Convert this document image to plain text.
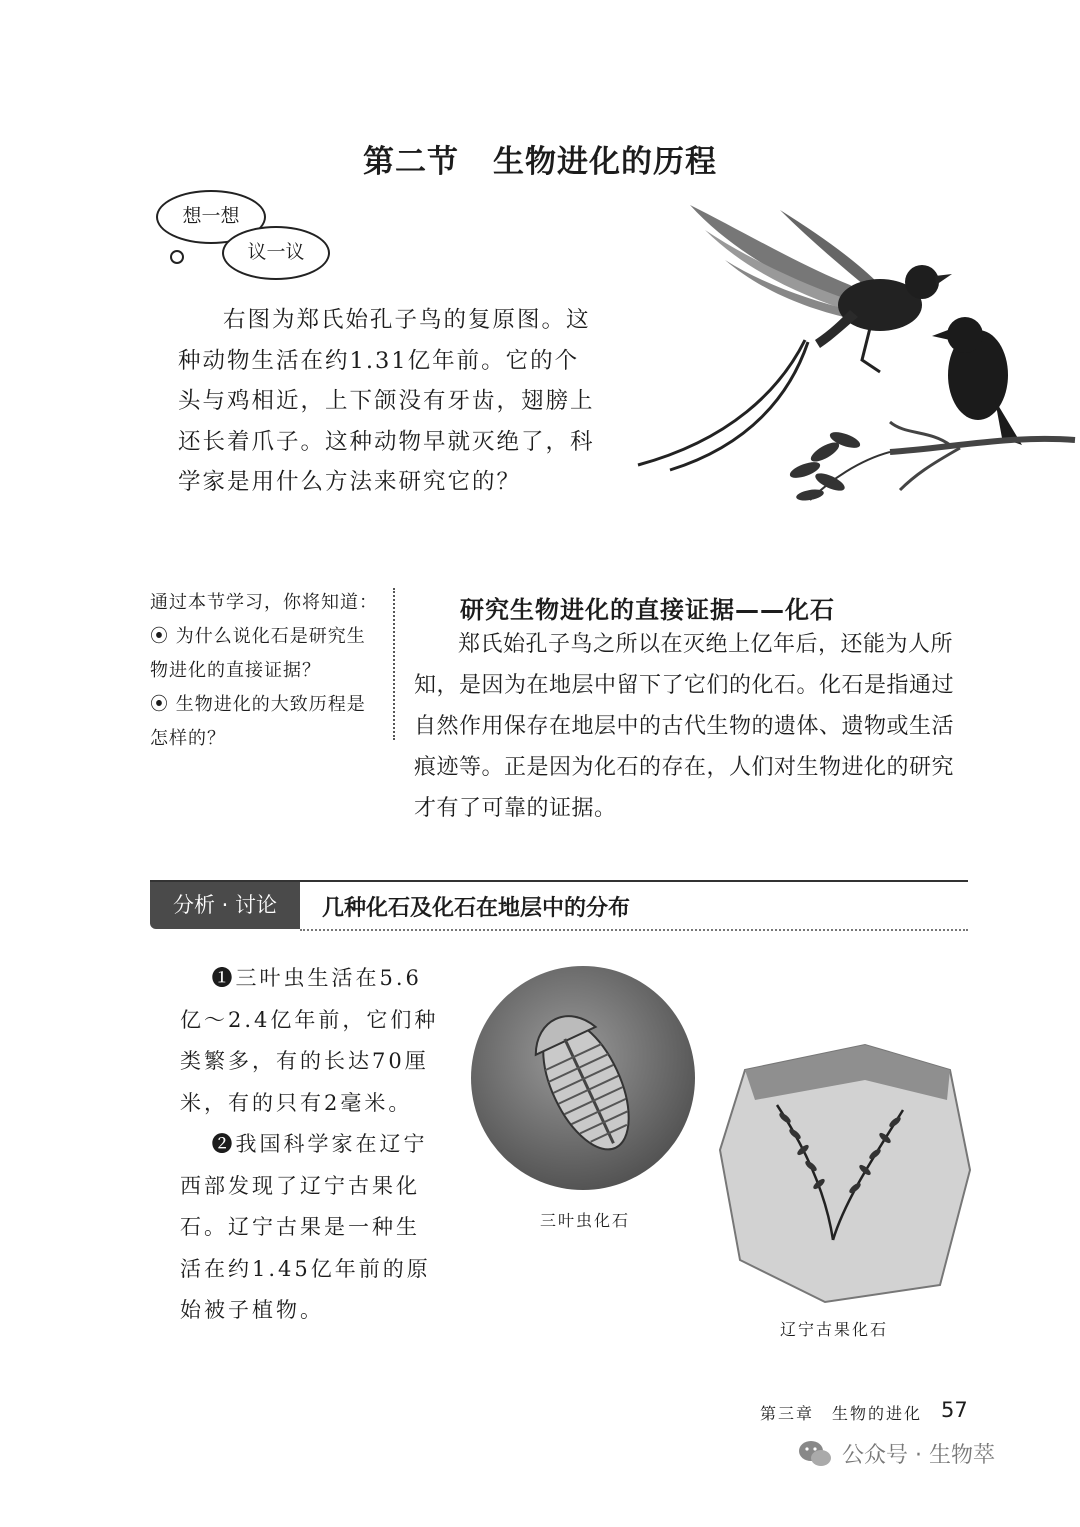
第二节 生物进化的历程
想一想
议一议

右图为郑氏始孔子鸟的复原图。这种动物生活在约1.31亿年前。它的个头与鸡相近，上下颌没有牙齿，翅膀上还长着爪子。这种动物早就灭绝了，科学家是用什么方法来研究它的？

通过本节学习，你将知道：
⦿ 为什么说化石是研究生物进化的直接证据？
⦿ 生物进化的大致历程是怎样的？
研究生物进化的直接证据——化石

郑氏始孔子鸟之所以在灭绝上亿年后，还能为人所知，是因为在地层中留下了它们的化石。化石是指通过自然作用保存在地层中的古代生物的遗体、遗物或生活痕迹等。正是因为化石的存在，人们对生物进化的研究才有了可靠的证据。

分析 · 讨论	几种化石及化石在地层中的分布

❶三叶虫生活在5.6亿～2.4亿年前，它们种类繁多，有的长达70厘米，有的只有2毫米。

❷我国科学家在辽宁西部发现了辽宁古果化石。辽宁古果是一种生活在约1.45亿年前的原始被子植物。

三叶虫化石
辽宁古果化石
第三章　生物的进化 57
公众号 · 生物萃
